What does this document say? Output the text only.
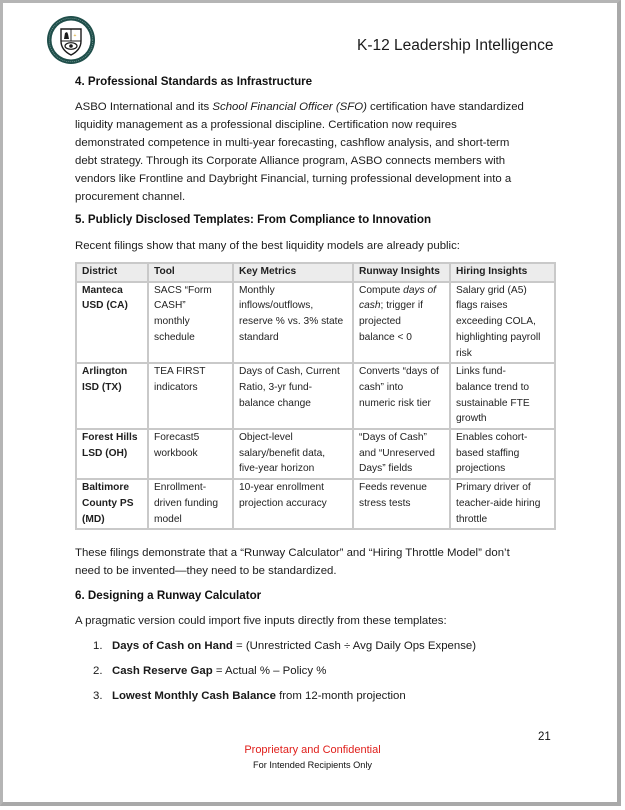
+
K-12 Leadership Intelligence
4. Professional Standards as Infrastructure
ASBO International and its School Financial Officer (SFO) certification have standardized
liquidity management as a professional discipline. Certification now requires
demonstrated competence in multi-year forecasting, cashflow analysis, and short-term
debt strategy. Through its Corporate Alliance program, ASBO connects members with
vendors like Frontline and Daybright Financial, turning professional development into a
procurement channel.
5. Publicly Disclosed Templates: From Compliance to Innovation
Recent filings show that many of the best liquidity models are already public:
District	Tool	Key Metrics	Runway Insights	Hiring Insights

Manteca
USD (CA)	SACS “Form
CASH”
monthly
schedule	Monthly
inflows/outflows,
reserve % vs. 3% state
standard	Compute days of
cash; trigger if
projected
balance < 0	Salary grid (A5)
flags raises
exceeding COLA,
highlighting payroll
risk

Arlington
ISD (TX)	TEA FIRST
indicators	Days of Cash, Current
Ratio, 3-yr fund-
balance change	Converts “days of
cash” into
numeric risk tier	Links fund-
balance trend to
sustainable FTE
growth

Forest Hills
LSD (OH)	Forecast5
workbook	Object-level
salary/benefit data,
five-year horizon	“Days of Cash”
and “Unreserved
Days” fields	Enables cohort-
based staffing
projections

Baltimore
County PS
(MD)	Enrollment-
driven funding
model	10-year enrollment
projection accuracy	Feeds revenue
stress tests	Primary driver of
teacher-aide hiring
throttle
These filings demonstrate that a “Runway Calculator” and “Hiring Throttle Model” don’t
need to be invented—they need to be standardized.
6. Designing a Runway Calculator
A pragmatic version could import five inputs directly from these templates:
1. Days of Cash on Hand = (Unrestricted Cash ÷ Avg Daily Ops Expense)
2. Cash Reserve Gap = Actual % – Policy %
3. Lowest Monthly Cash Balance from 12-month projection
21
Proprietary and Confidential
For Intended Recipients Only
